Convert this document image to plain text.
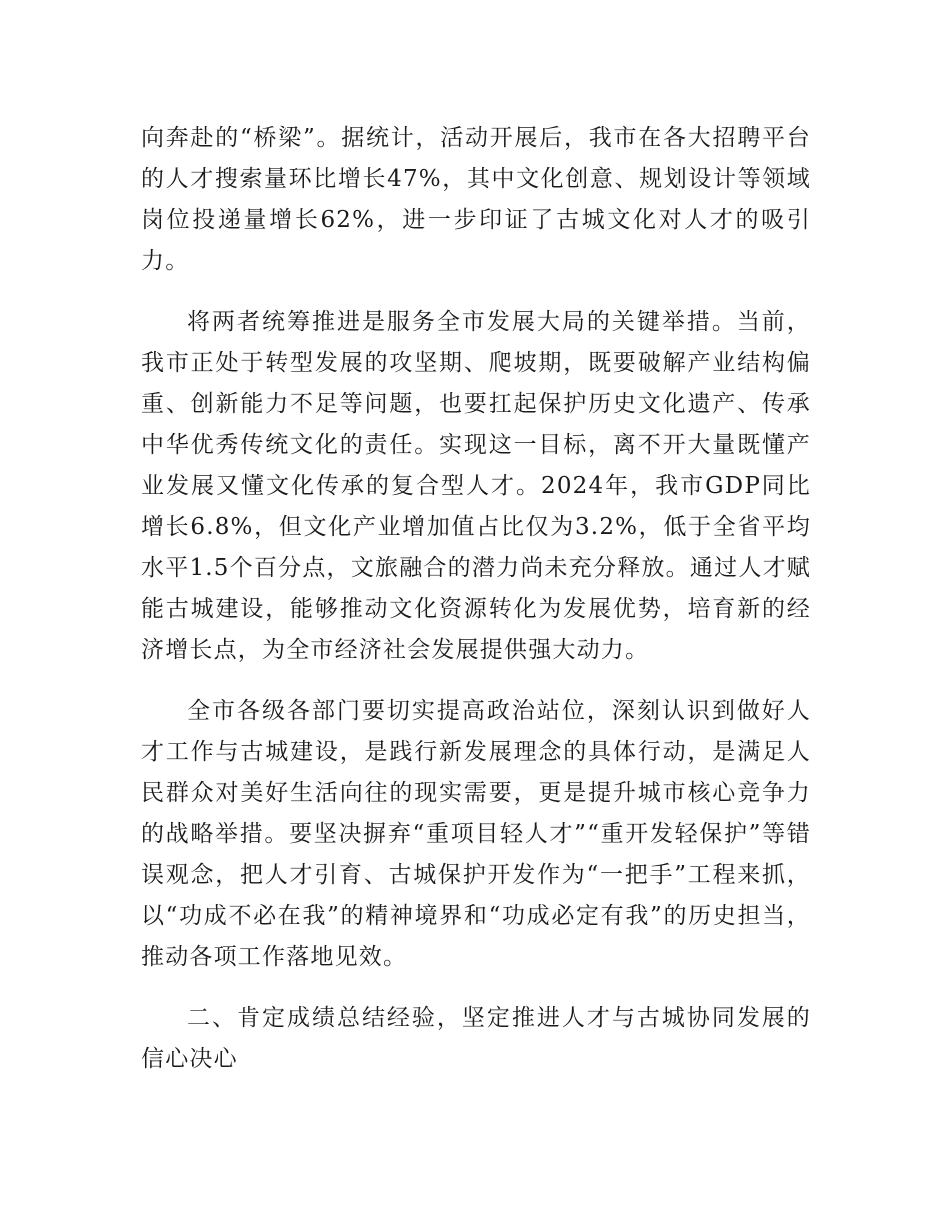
向奔赴的“桥梁”。据统计，活动开展后，我市在各大招聘平台的人才搜索量环比增长47%，其中文化创意、规划设计等领域岗位投递量增长62%，进一步印证了古城文化对人才的吸引力。

将两者统筹推进是服务全市发展大局的关键举措。当前，我市正处于转型发展的攻坚期、爬坡期，既要破解产业结构偏重、创新能力不足等问题，也要扛起保护历史文化遗产、传承中华优秀传统文化的责任。实现这一目标，离不开大量既懂产业发展又懂文化传承的复合型人才。2024年，我市GDP同比增长6.8%，但文化产业增加值占比仅为3.2%，低于全省平均水平1.5个百分点，文旅融合的潜力尚未充分释放。通过人才赋能古城建设，能够推动文化资源转化为发展优势，培育新的经济增长点，为全市经济社会发展提供强大动力。

全市各级各部门要切实提高政治站位，深刻认识到做好人才工作与古城建设，是践行新发展理念的具体行动，是满足人民群众对美好生活向往的现实需要，更是提升城市核心竞争力的战略举措。要坚决摒弃“重项目轻人才”“重开发轻保护”等错误观念，把人才引育、古城保护开发作为“一把手”工程来抓，以“功成不必在我”的精神境界和“功成必定有我”的历史担当，推动各项工作落地见效。

二、肯定成绩总结经验，坚定推进人才与古城协同发展的信心决心
